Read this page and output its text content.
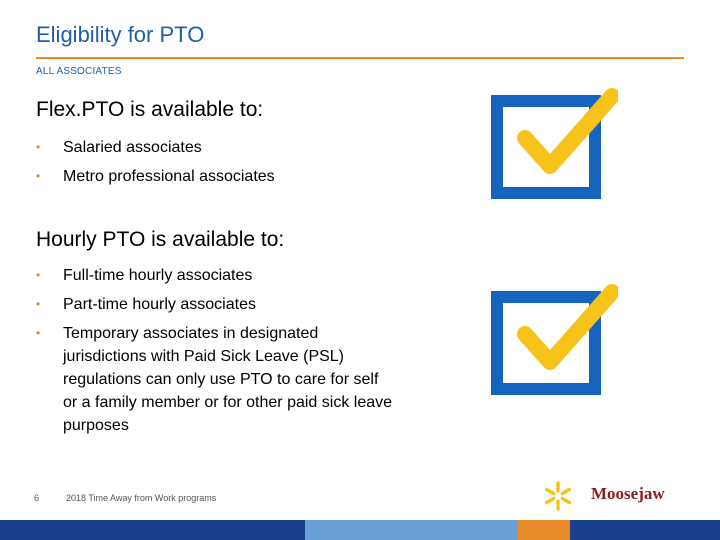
Eligibility for PTO
ALL ASSOCIATES
Flex.PTO is available to:
• Salaried associates
• Metro professional associates
Hourly PTO is available to:
• Full-time hourly associates
• Part-time hourly associates
• Temporary associates in designated jurisdictions with Paid Sick Leave (PSL) regulations can only use PTO to care for self or a family member or for other paid sick leave purposes
6	2018 Time Away from Work programs	Moosejaw
